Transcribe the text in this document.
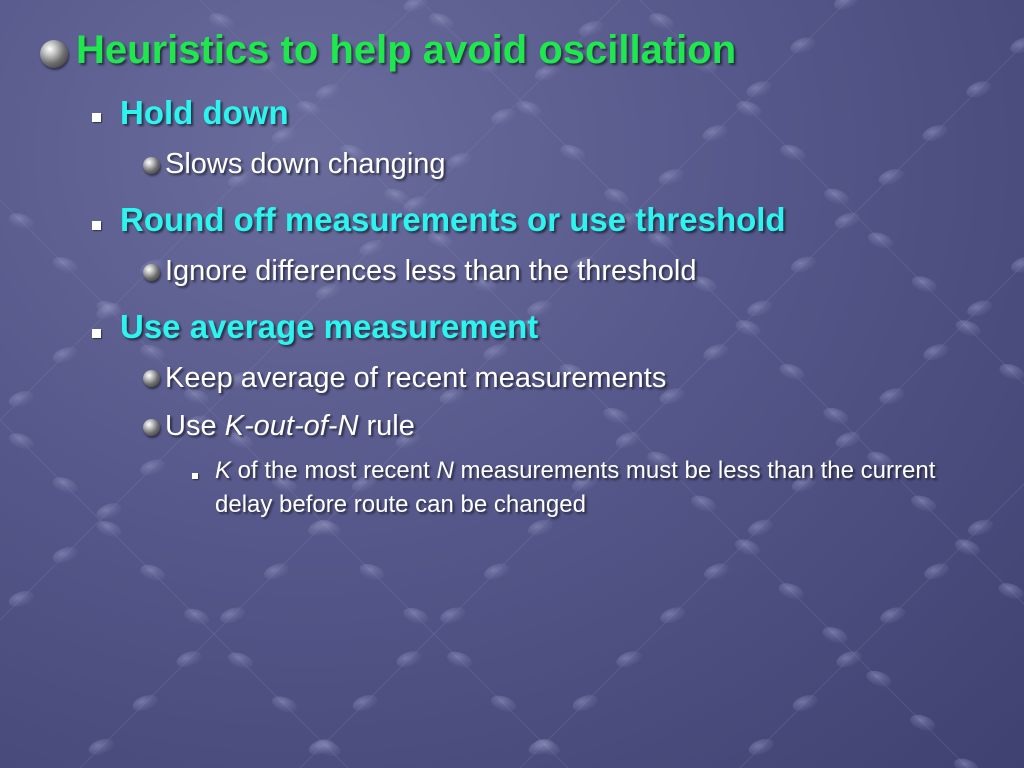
Heuristics to help avoid oscillation
Hold down
Slows down changing
Round off measurements or use threshold
Ignore differences less than the threshold
Use average measurement
Keep average of recent measurements
Use K-out-of-N rule
K of the most recent N measurements must be less than the current delay before route can be changed
